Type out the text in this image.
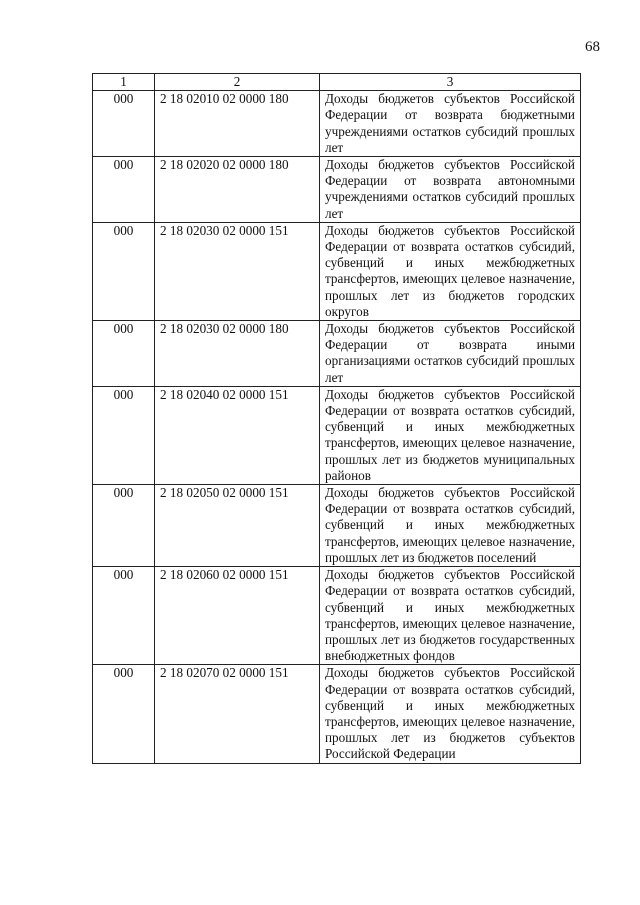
68
1	2	3
000	2 18 02010 02 0000 180	Доходы бюджетов субъектов Российской Федерации от возврата бюджетными учреждениями остатков субсидий прошлых лет
000	2 18 02020 02 0000 180	Доходы бюджетов субъектов Российской Федерации от возврата автономными учреждениями остатков субсидий прошлых лет
000	2 18 02030 02 0000 151	Доходы бюджетов субъектов Российской Федерации от возврата остатков субсидий, субвенций и иных межбюджетных трансфертов, имеющих целевое назначение, прошлых лет из бюджетов городских округов
000	2 18 02030 02 0000 180	Доходы бюджетов субъектов Российской Федерации от возврата иными организациями остатков субсидий прошлых лет
000	2 18 02040 02 0000 151	Доходы бюджетов субъектов Российской Федерации от возврата остатков субсидий, субвенций и иных межбюджетных трансфертов, имеющих целевое назначение, прошлых лет из бюджетов муниципальных районов
000	2 18 02050 02 0000 151	Доходы бюджетов субъектов Российской Федерации от возврата остатков субсидий, субвенций и иных межбюджетных трансфертов, имеющих целевое назначение, прошлых лет из бюджетов поселений
000	2 18 02060 02 0000 151	Доходы бюджетов субъектов Российской Федерации от возврата остатков субсидий, субвенций и иных межбюджетных трансфертов, имеющих целевое назначение, прошлых лет из бюджетов государственных внебюджетных фондов
000	2 18 02070 02 0000 151	Доходы бюджетов субъектов Российской Федерации от возврата остатков субсидий, субвенций и иных межбюджетных трансфертов, имеющих целевое назначение, прошлых лет из бюджетов субъектов Российской Федерации
